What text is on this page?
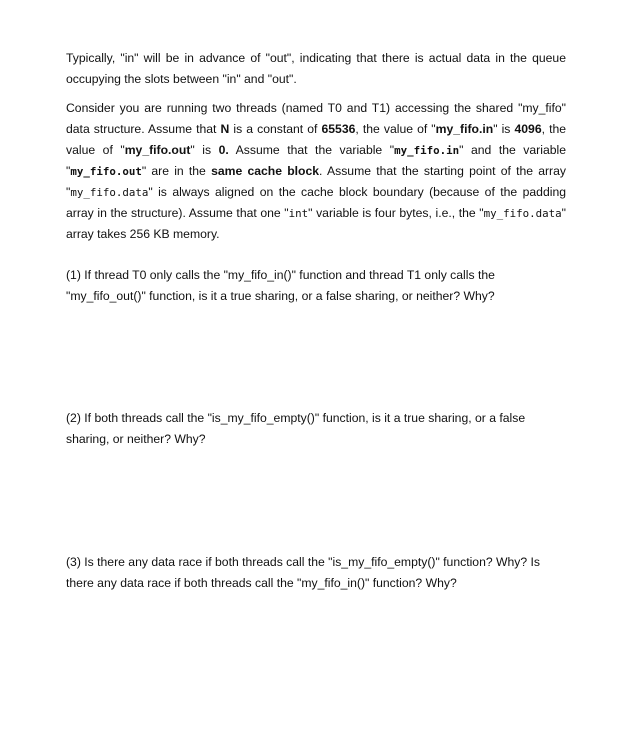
Typically, "in" will be in advance of "out", indicating that there is actual data in the queue occupying the slots between "in" and "out".

Consider you are running two threads (named T0 and T1) accessing the shared "my_fifo" data structure. Assume that N is a constant of 65536, the value of "my_fifo.in" is 4096, the value of "my_fifo.out" is 0. Assume that the variable "my_fifo.in" and the variable "my_fifo.out" are in the same cache block. Assume that the starting point of the array "my_fifo.data" is always aligned on the cache block boundary (because of the padding array in the structure). Assume that one "int" variable is four bytes, i.e., the "my_fifo.data" array takes 256 KB memory.

(1) If thread T0 only calls the "my_fifo_in()" function and thread T1 only calls the "my_fifo_out()" function, is it a true sharing, or a false sharing, or neither? Why?

(2) If both threads call the "is_my_fifo_empty()" function, is it a true sharing, or a false sharing, or neither? Why?

(3) Is there any data race if both threads call the "is_my_fifo_empty()" function? Why? Is there any data race if both threads call the "my_fifo_in()" function? Why?
